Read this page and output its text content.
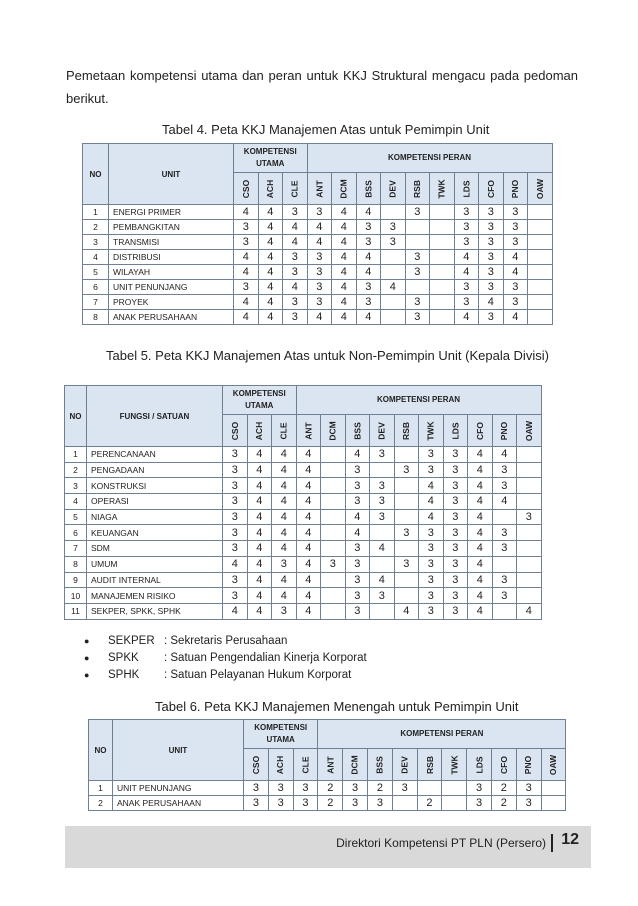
Pemetaan kompetensi utama dan peran untuk KKJ Struktural mengacu pada pedoman berikut.
Tabel 4. Peta KKJ Manajemen Atas untuk Pemimpin Unit
NO	UNIT	KOMPETENSI UTAMA			KOMPETENSI PERAN									
		CSO	ACH	CLE	ANT	DCM	BSS	DEV	RSB	TWK	LDS	CFO	PNO	OAW
1	ENERGI PRIMER	4	4	3	3	4	4		3		3	3	3	
2	PEMBANGKITAN	3	4	4	4	4	3	3			3	3	3	
3	TRANSMISI	3	4	4	4	4	3	3			3	3	3	
4	DISTRIBUSI	4	4	3	3	4	4		3		4	3	4	
5	WILAYAH	4	4	3	3	4	4		3		4	3	4	
6	UNIT PENUNJANG	3	4	4	3	4	3	4			3	3	3	
7	PROYEK	4	4	3	3	4	3		3		3	4	3	
8	ANAK PERUSAHAAN	4	4	3	4	4	4		3		4	3	4	
Tabel 5. Peta KKJ Manajemen Atas untuk Non-Pemimpin Unit (Kepala Divisi)
NO	FUNGSI / SATUAN	KOMPETENSI UTAMA			KOMPETENSI PERAN									
		CSO	ACH	CLE	ANT	DCM	BSS	DEV	RSB	TWK	LDS	CFO	PNO	OAW
1	PERENCANAAN	3	4	4	4		4	3		3	3	4	4	
2	PENGADAAN	3	4	4	4		3		3	3	3	4	3	
3	KONSTRUKSI	3	4	4	4		3	3		4	3	4	3	
4	OPERASI	3	4	4	4		3	3		4	3	4	4	
5	NIAGA	3	4	4	4		4	3		4	3	4		3
6	KEUANGAN	3	4	4	4		4		3	3	3	4	3	
7	SDM	3	4	4	4		3	4		3	3	4	3	
8	UMUM	4	4	3	4	3	3		3	3	3	4		
9	AUDIT INTERNAL	3	4	4	4		3	4		3	3	4	3	
10	MANAJEMEN RISIKO	3	4	4	4		3	3		3	3	4	3	
11	SEKPER, SPKK, SPHK	4	4	3	4		3		4	3	3	4		4
●	SEKPER : Sekretaris Perusahaan
●	SPKK	: Satuan Pengendalian Kinerja Korporat
●	SPHK	: Satuan Pelayanan Hukum Korporat
Tabel 6. Peta KKJ Manajemen Menengah untuk Pemimpin Unit
NO	UNIT	KOMPETENSI UTAMA			KOMPETENSI PERAN									
		CSO	ACH	CLE	ANT	DCM	BSS	DEV	RSB	TWK	LDS	CFO	PNO	OAW
1	UNIT PENUNJANG	3	3	3	2	3	2	3			3	2	3	
2	ANAK PERUSAHAAN	3	3	3	2	3	3		2		3	2	3	
Direktori Kompetensi PT PLN (Persero) 12
